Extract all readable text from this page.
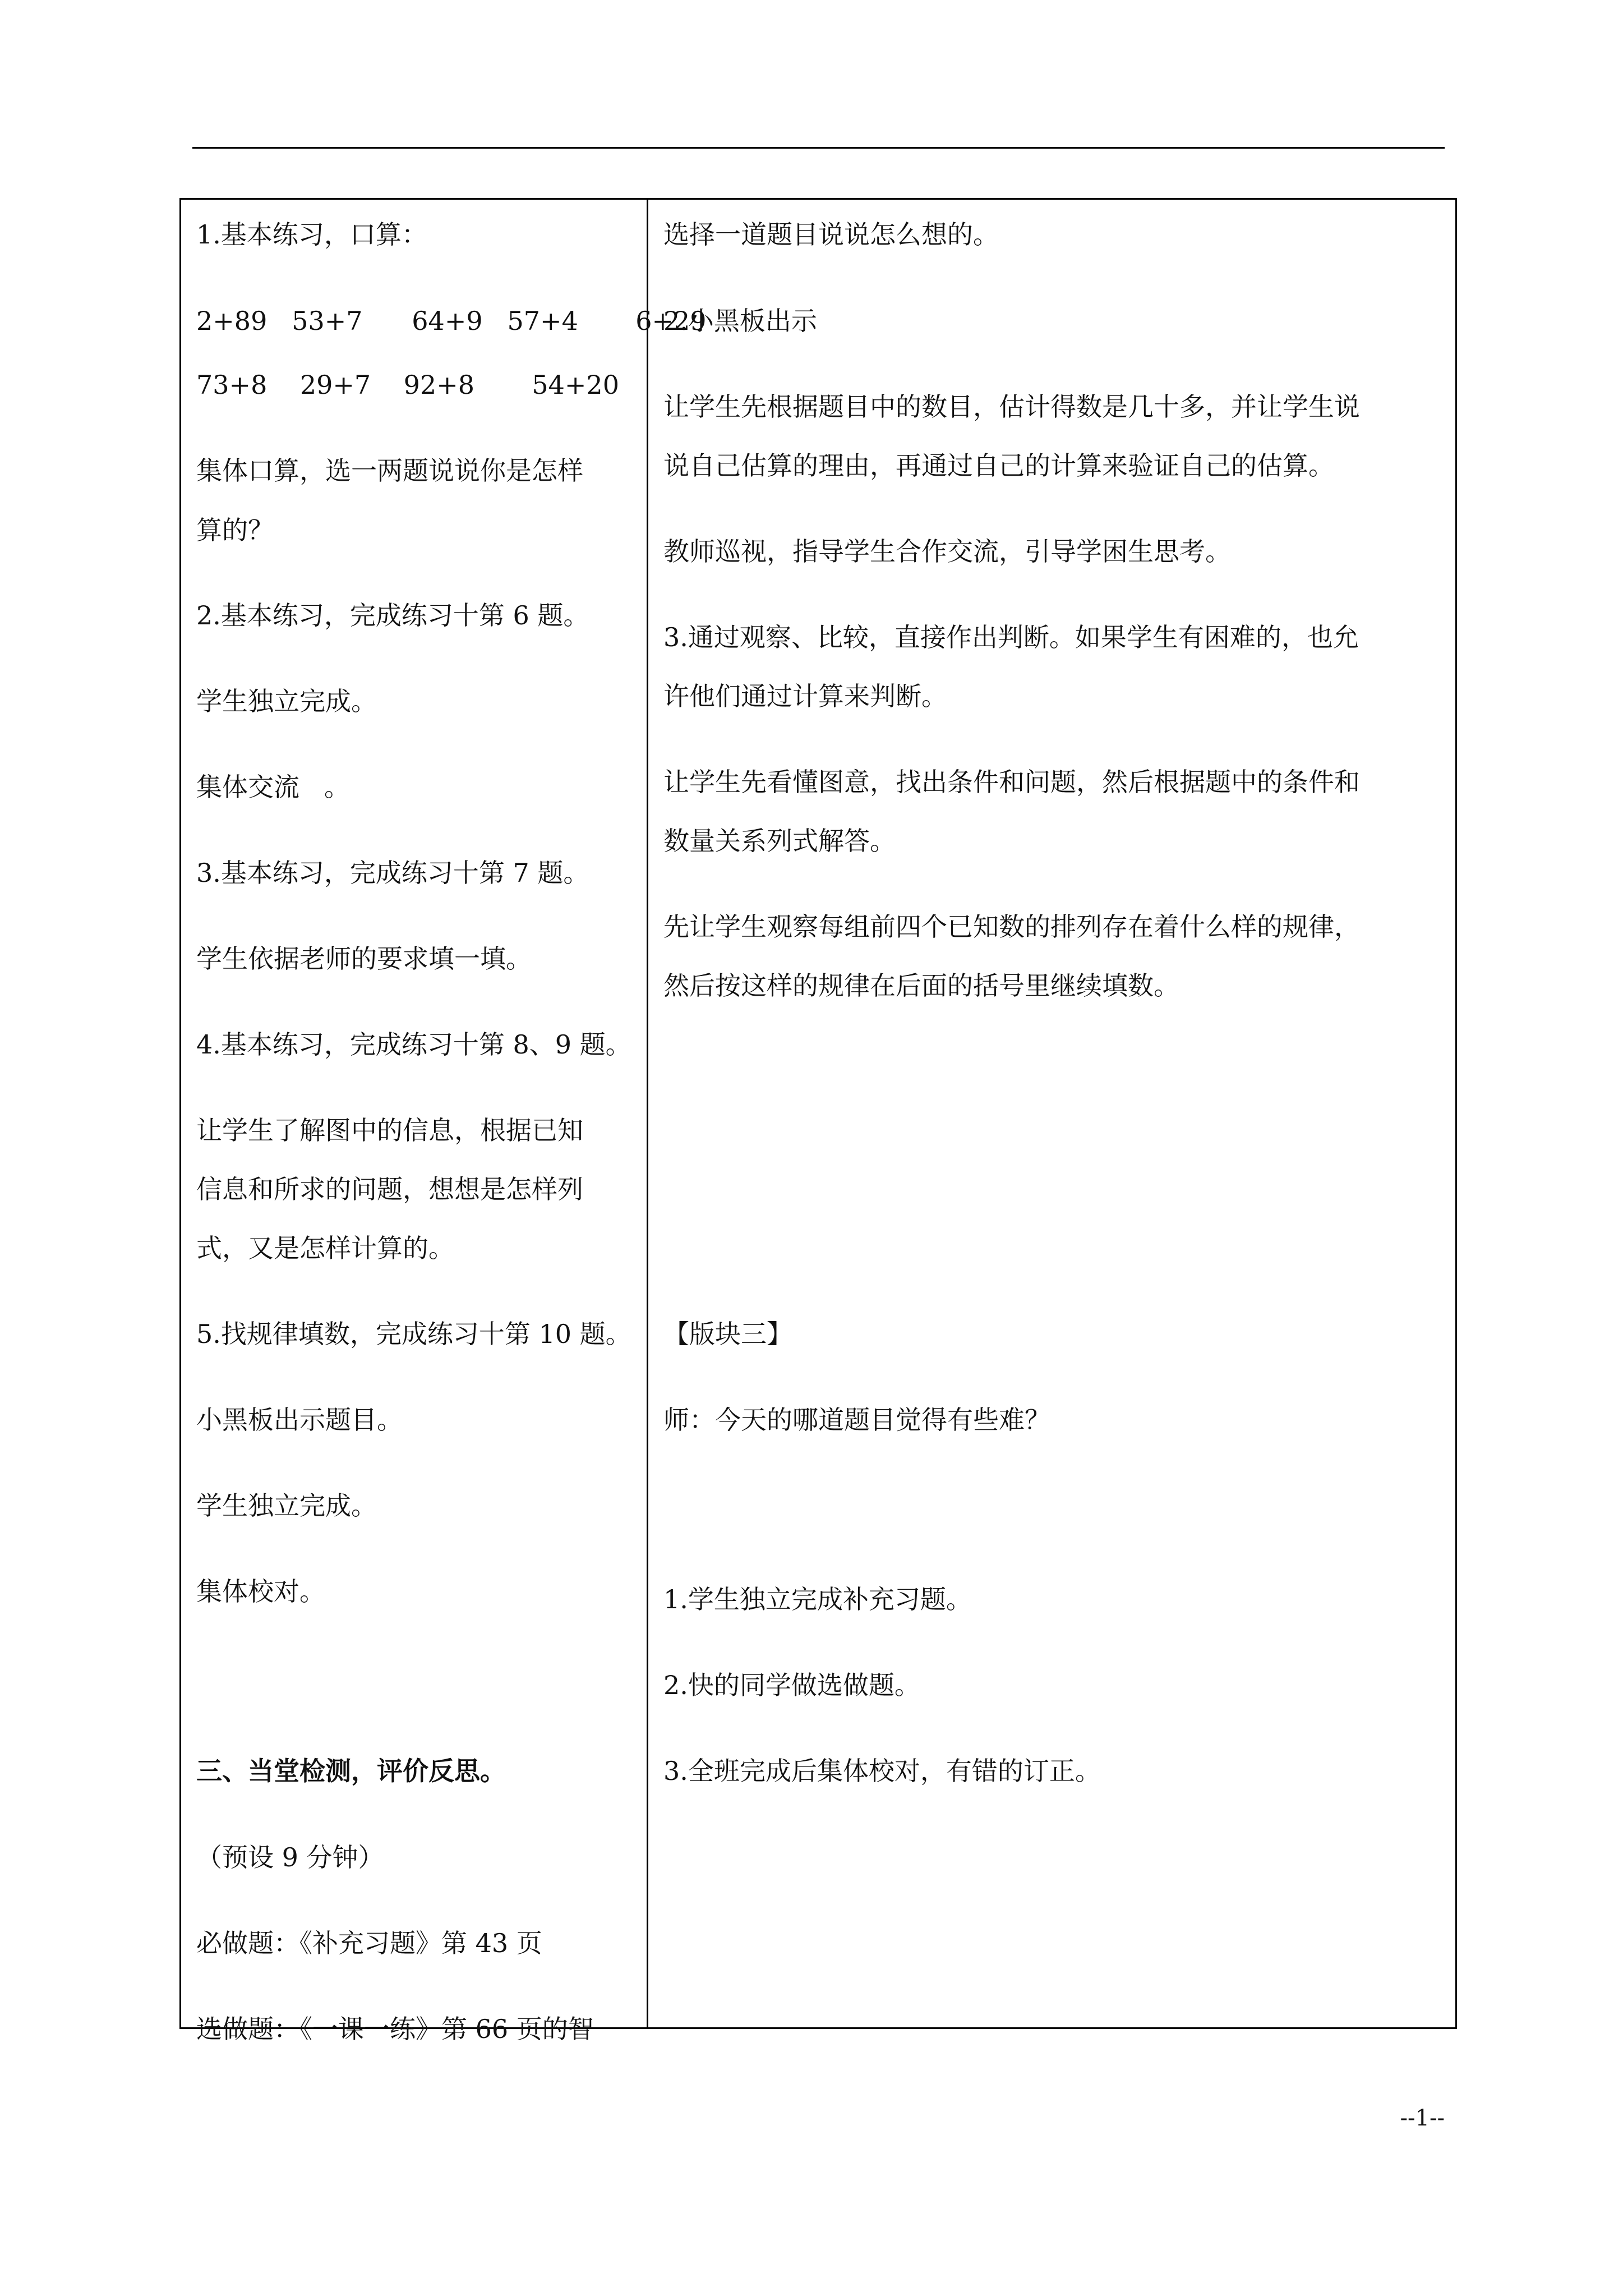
1.基本练习，口算：

2+89   53+7      64+9   57+4       6+29

73+8    29+7    92+8       54+20

集体口算，选一两题说说你是怎样

算的？

2.基本练习，完成练习十第 6 题。

学生独立完成。

集体交流   。

3.基本练习，完成练习十第 7 题。

学生依据老师的要求填一填。

4.基本练习，完成练习十第 8、9 题。

让学生了解图中的信息，根据已知

信息和所求的问题，想想是怎样列

式，又是怎样计算的。

5.找规律填数，完成练习十第 10 题。

小黑板出示题目。

学生独立完成。

集体校对。

三、当堂检测，评价反思。

（预设 9 分钟）

必做题：《补充习题》第 43 页

选做题：《一课一练》第 66 页的智

选择一道题目说说怎么想的。

2.小黑板出示

让学生先根据题目中的数目，估计得数是几十多，并让学生说

说自己估算的理由，再通过自己的计算来验证自己的估算。

教师巡视，指导学生合作交流，引导学困生思考。

3.通过观察、比较，直接作出判断。如果学生有困难的，也允

许他们通过计算来判断。

让学生先看懂图意，找出条件和问题，然后根据题中的条件和

数量关系列式解答。

先让学生观察每组前四个已知数的排列存在着什么样的规律，

然后按这样的规律在后面的括号里继续填数。

【版块三】

师：今天的哪道题目觉得有些难？

1.学生独立完成补充习题。

2.快的同学做选做题。

3.全班完成后集体校对，有错的订正。

--1--
